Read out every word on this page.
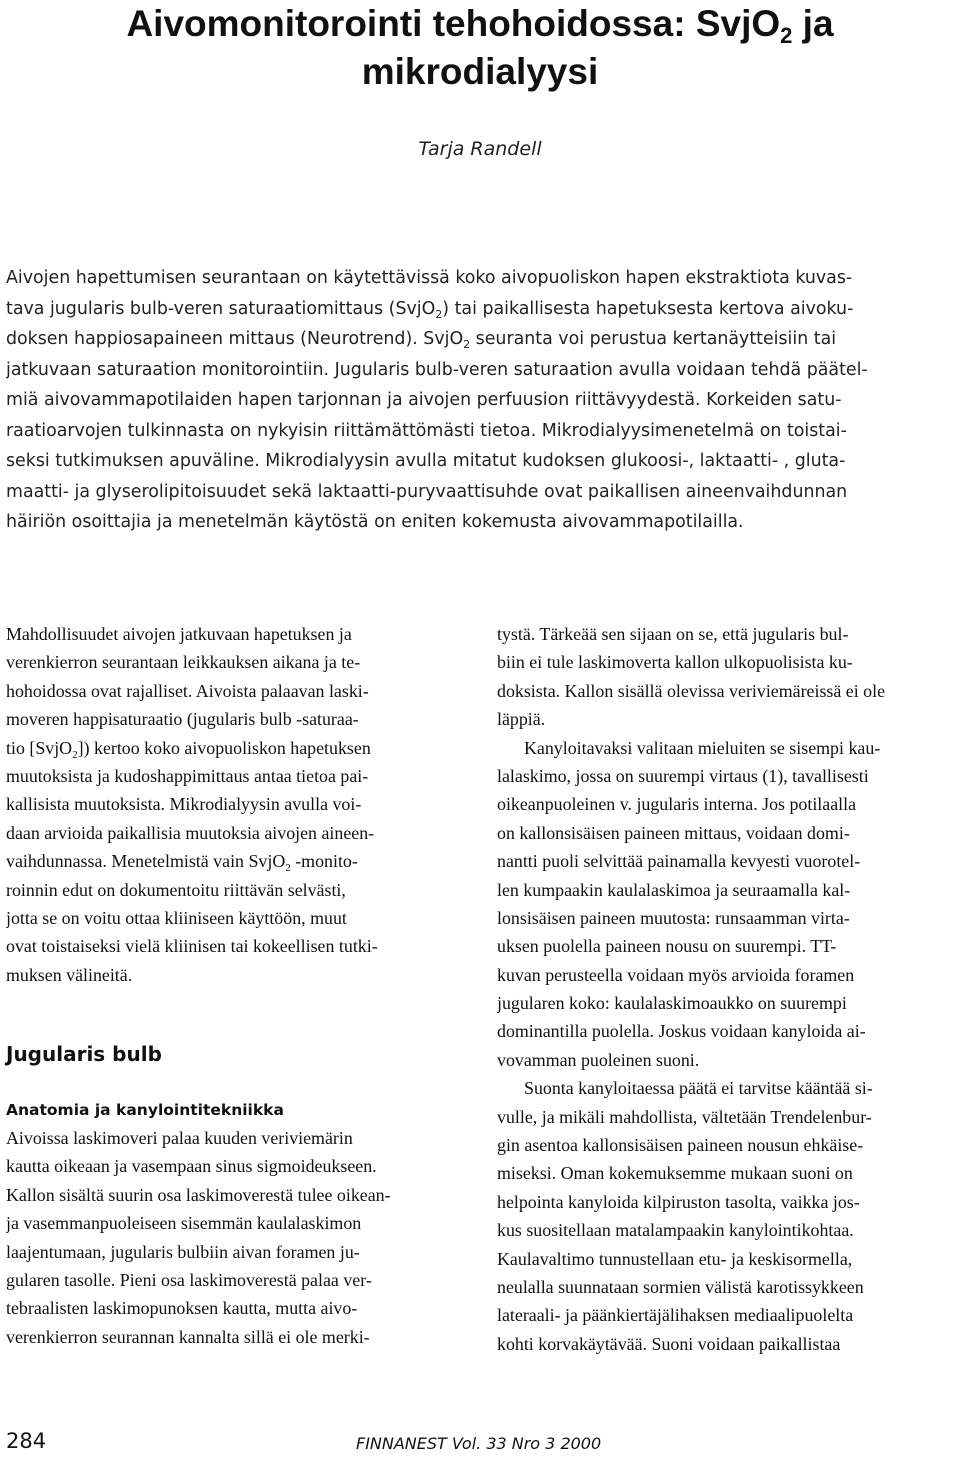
Aivomonitorointi tehohoidossa: SvjO$_2$ ja
mikrodialyysi
Tarja Randell
Aivojen hapettumisen seurantaan on käytettävissä koko aivopuoliskon hapen ekstraktiota kuvas-
tava jugularis bulb-veren saturaatiomittaus (SvjO$_2$) tai paikallisesta hapetuksesta kertova aivoku-
doksen happiosapaineen mittaus (Neurotrend). SvjO$_2$ seuranta voi perustua kertanäytteisiin tai
jatkuvaan saturaation monitorointiin. Jugularis bulb-veren saturaation avulla voidaan tehdä päätel-
miä aivovammapotilaiden hapen tarjonnan ja aivojen perfuusion riittävyydestä. Korkeiden satu-
raatioarvojen tulkinnasta on nykyisin riittämättömästi tietoa. Mikrodialyysimenetelmä on toistai-
seksi tutkimuksen apuväline. Mikrodialyysin avulla mitatut kudoksen glukoosi-, laktaatti- , gluta-
maatti- ja glyserolipitoisuudet sekä laktaatti-puryvaattisuhde ovat paikallisen aineenvaihdunnan
häiriön osoittajia ja menetelmän käytöstä on eniten kokemusta aivovammapotilailla.
Mahdollisuudet aivojen jatkuvaan hapetuksen ja
verenkierron seurantaan leikkauksen aikana ja te-
hohoidossa ovat rajalliset. Aivoista palaavan laski-
moveren happisaturaatio (jugularis bulb -saturaa-
tio [SvjO$_2$]) kertoo koko aivopuoliskon hapetuksen
muutoksista ja kudoshappimittaus antaa tietoa pai-
kallisista muutoksista. Mikrodialyysin avulla voi-
daan arvioida paikallisia muutoksia aivojen aineen-
vaihdunnassa. Menetelmistä vain SvjO$_2$ -monito-
roinnin edut on dokumentoitu riittävän selvästi,
jotta se on voitu ottaa kliiniseen käyttöön, muut
ovat toistaiseksi vielä kliinisen tai kokeellisen tutki-
muksen välineitä.
Jugularis bulb
Anatomia ja kanylointitekniikka
Aivoissa laskimoveri palaa kuuden veriviemärin
kautta oikeaan ja vasempaan sinus sigmoideukseen.
Kallon sisältä suurin osa laskimoverestä tulee oikean-
ja vasemmanpuoleiseen sisemmän kaulalaskimon
laajentumaan, jugularis bulbiin aivan foramen ju-
gularen tasolle. Pieni osa laskimoverestä palaa ver-
tebraalisten laskimopunoksen kautta, mutta aivo-
verenkierron seurannan kannalta sillä ei ole merki-
tystä. Tärkeää sen sijaan on se, että jugularis bul-
biin ei tule laskimoverta kallon ulkopuolisista ku-
doksista. Kallon sisällä olevissa veriviemäreissä ei ole
läppiä.
Kanyloitavaksi valitaan mieluiten se sisempi kau-
lalaskimo, jossa on suurempi virtaus (1), tavallisesti
oikeanpuoleinen v. jugularis interna. Jos potilaalla
on kallonsisäisen paineen mittaus, voidaan domi-
nantti puoli selvittää painamalla kevyesti vuorotel-
len kumpaakin kaulalaskimoa ja seuraamalla kal-
lonsisäisen paineen muutosta: runsaamman virta-
uksen puolella paineen nousu on suurempi. TT-
kuvan perusteella voidaan myös arvioida foramen
jugularen koko: kaulalaskimoaukko on suurempi
dominantilla puolella. Joskus voidaan kanyloida ai-
vovamman puoleinen suoni.
Suonta kanyloitaessa päätä ei tarvitse kääntää si-
vulle, ja mikäli mahdollista, vältetään Trendelenbur-
gin asentoa kallonsisäisen paineen nousun ehkäise-
miseksi. Oman kokemuksemme mukaan suoni on
helpointa kanyloida kilpiruston tasolta, vaikka jos-
kus suositellaan matalampaakin kanylointikohtaa.
Kaulavaltimo tunnustellaan etu- ja keskisormella,
neulalla suunnataan sormien välistä karotissykkeen
lateraali- ja päänkiertäjälihaksen mediaalipuolelta
kohti korvakäytävää. Suoni voidaan paikallistaa
284	FINNANEST Vol. 33 Nro 3 2000
